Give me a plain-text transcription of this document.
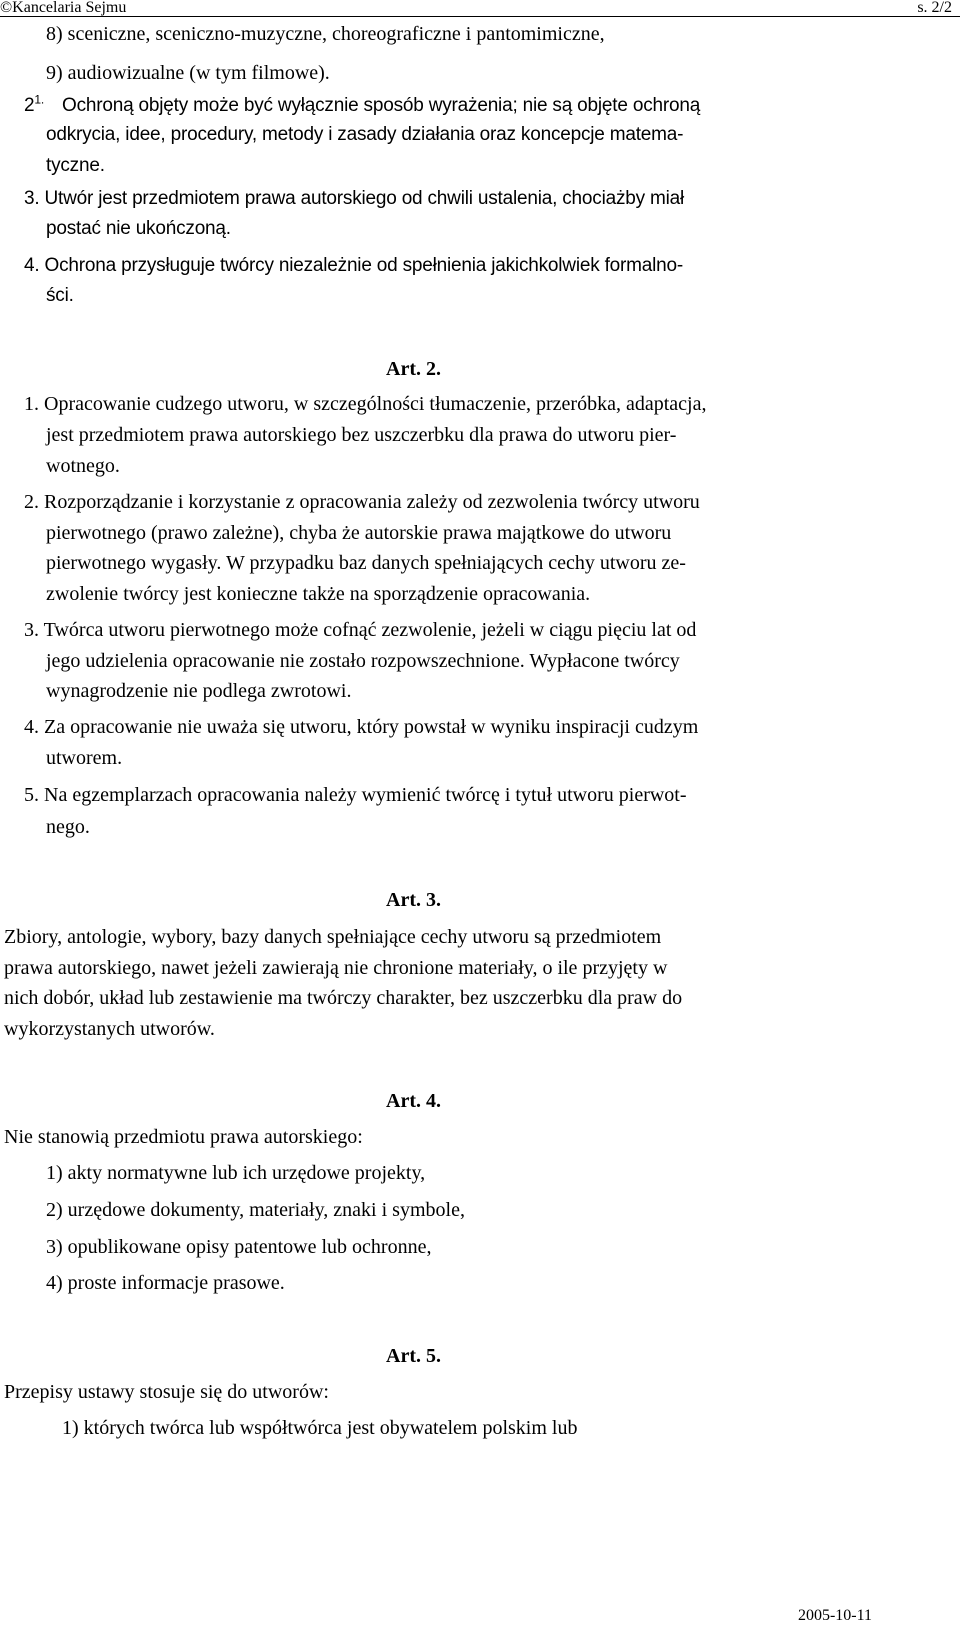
©Kancelaria Sejmu	s. 2/2
8) sceniczne, sceniczno-muzyczne, choreograficzne i pantomimiczne,
9) audiowizualne (w tym filmowe).
$2^{1.}$ Ochroną objęty może być wyłącznie sposób wyrażenia; nie są objęte ochroną
odkrycia, idee, procedury, metody i zasady działania oraz koncepcje matema-
tyczne.
3. Utwór jest przedmiotem prawa autorskiego od chwili ustalenia, chociażby miał
postać nie ukończoną.
4. Ochrona przysługuje twórcy niezależnie od spełnienia jakichkolwiek formalno-
ści.
Art. 2.
1. Opracowanie cudzego utworu, w szczególności tłumaczenie, przeróbka, adaptacja,
jest przedmiotem prawa autorskiego bez uszczerbku dla prawa do utworu pier-
wotnego.
2. Rozporządzanie i korzystanie z opracowania zależy od zezwolenia twórcy utworu
pierwotnego (prawo zależne), chyba że autorskie prawa majątkowe do utworu
pierwotnego wygasły. W przypadku baz danych spełniających cechy utworu ze-
zwolenie twórcy jest konieczne także na sporządzenie opracowania.
3. Twórca utworu pierwotnego może cofnąć zezwolenie, jeżeli w ciągu pięciu lat od
jego udzielenia opracowanie nie zostało rozpowszechnione. Wypłacone twórcy
wynagrodzenie nie podlega zwrotowi.
4. Za opracowanie nie uważa się utworu, który powstał w wyniku inspiracji cudzym
utworem.
5. Na egzemplarzach opracowania należy wymienić twórcę i tytuł utworu pierwot-
nego.
Art. 3.
Zbiory, antologie, wybory, bazy danych spełniające cechy utworu są przedmiotem
prawa autorskiego, nawet jeżeli zawierają nie chronione materiały, o ile przyjęty w
nich dobór, układ lub zestawienie ma twórczy charakter, bez uszczerbku dla praw do
wykorzystanych utworów.
Art. 4.
Nie stanowią przedmiotu prawa autorskiego:
1) akty normatywne lub ich urzędowe projekty,
2) urzędowe dokumenty, materiały, znaki i symbole,
3) opublikowane opisy patentowe lub ochronne,
4) proste informacje prasowe.
Art. 5.
Przepisy ustawy stosuje się do utworów:
1) których twórca lub współtwórca jest obywatelem polskim lub
2005-10-11
